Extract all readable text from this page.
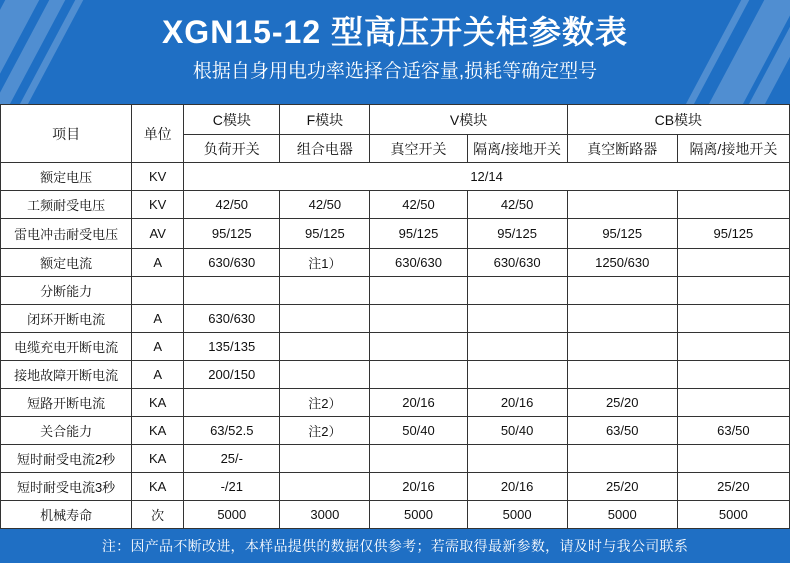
XGN15-12 型高压开关柜参数表
根据自身用电功率选择合适容量,损耗等确定型号
项目	单位	C模块	F模块	V模块		CB模块	
		负荷开关	组合电器	真空开关	隔离/接地开关	真空断路器	隔离/接地开关
额定电压	KV	12/14					
工频耐受电压	KV	42/50	42/50	42/50	42/50		
雷电冲击耐受电压	AV	95/125	95/125	95/125	95/125	95/125	95/125
额定电流	A	630/630	注1）	630/630	630/630	1250/630	
分断能力							
闭环开断电流	A	630/630					
电缆充电开断电流	A	135/135					
接地故障开断电流	A	200/150					
短路开断电流	KA		注2）	20/16	20/16	25/20	
关合能力	KA	63/52.5	注2）	50/40	50/40	63/50	63/50
短时耐受电流2秒	KA	25/-					
短时耐受电流3秒	KA	-/21		20/16	20/16	25/20	25/20
机械寿命	次	5000	3000	5000	5000	5000	5000
注：因产品不断改进，本样品提供的数据仅供参考；若需取得最新参数，请及时与我公司联系
